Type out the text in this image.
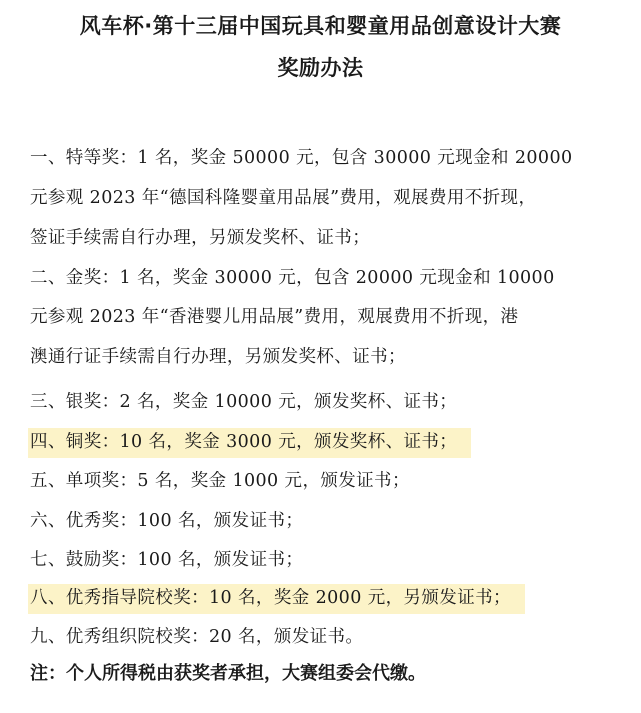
风车杯·第十三届中国玩具和婴童用品创意设计大赛
奖励办法
一、特等奖：1 名，奖金 50000 元，包含 30000 元现金和 20000
元参观 2023 年“德国科隆婴童用品展”费用，观展费用不折现，
签证手续需自行办理，另颁发奖杯、证书；
二、金奖：1 名，奖金 30000 元，包含 20000 元现金和 10000
元参观 2023 年“香港婴儿用品展”费用，观展费用不折现，港
澳通行证手续需自行办理，另颁发奖杯、证书；
三、银奖：2 名，奖金 10000 元，颁发奖杯、证书；
四、铜奖：10 名，奖金 3000 元，颁发奖杯、证书；
五、单项奖：5 名，奖金 1000 元，颁发证书；
六、优秀奖：100 名，颁发证书；
七、鼓励奖：100 名，颁发证书；
八、优秀指导院校奖：10 名，奖金 2000 元，另颁发证书；
九、优秀组织院校奖：20 名，颁发证书。
注：个人所得税由获奖者承担，大赛组委会代缴。
